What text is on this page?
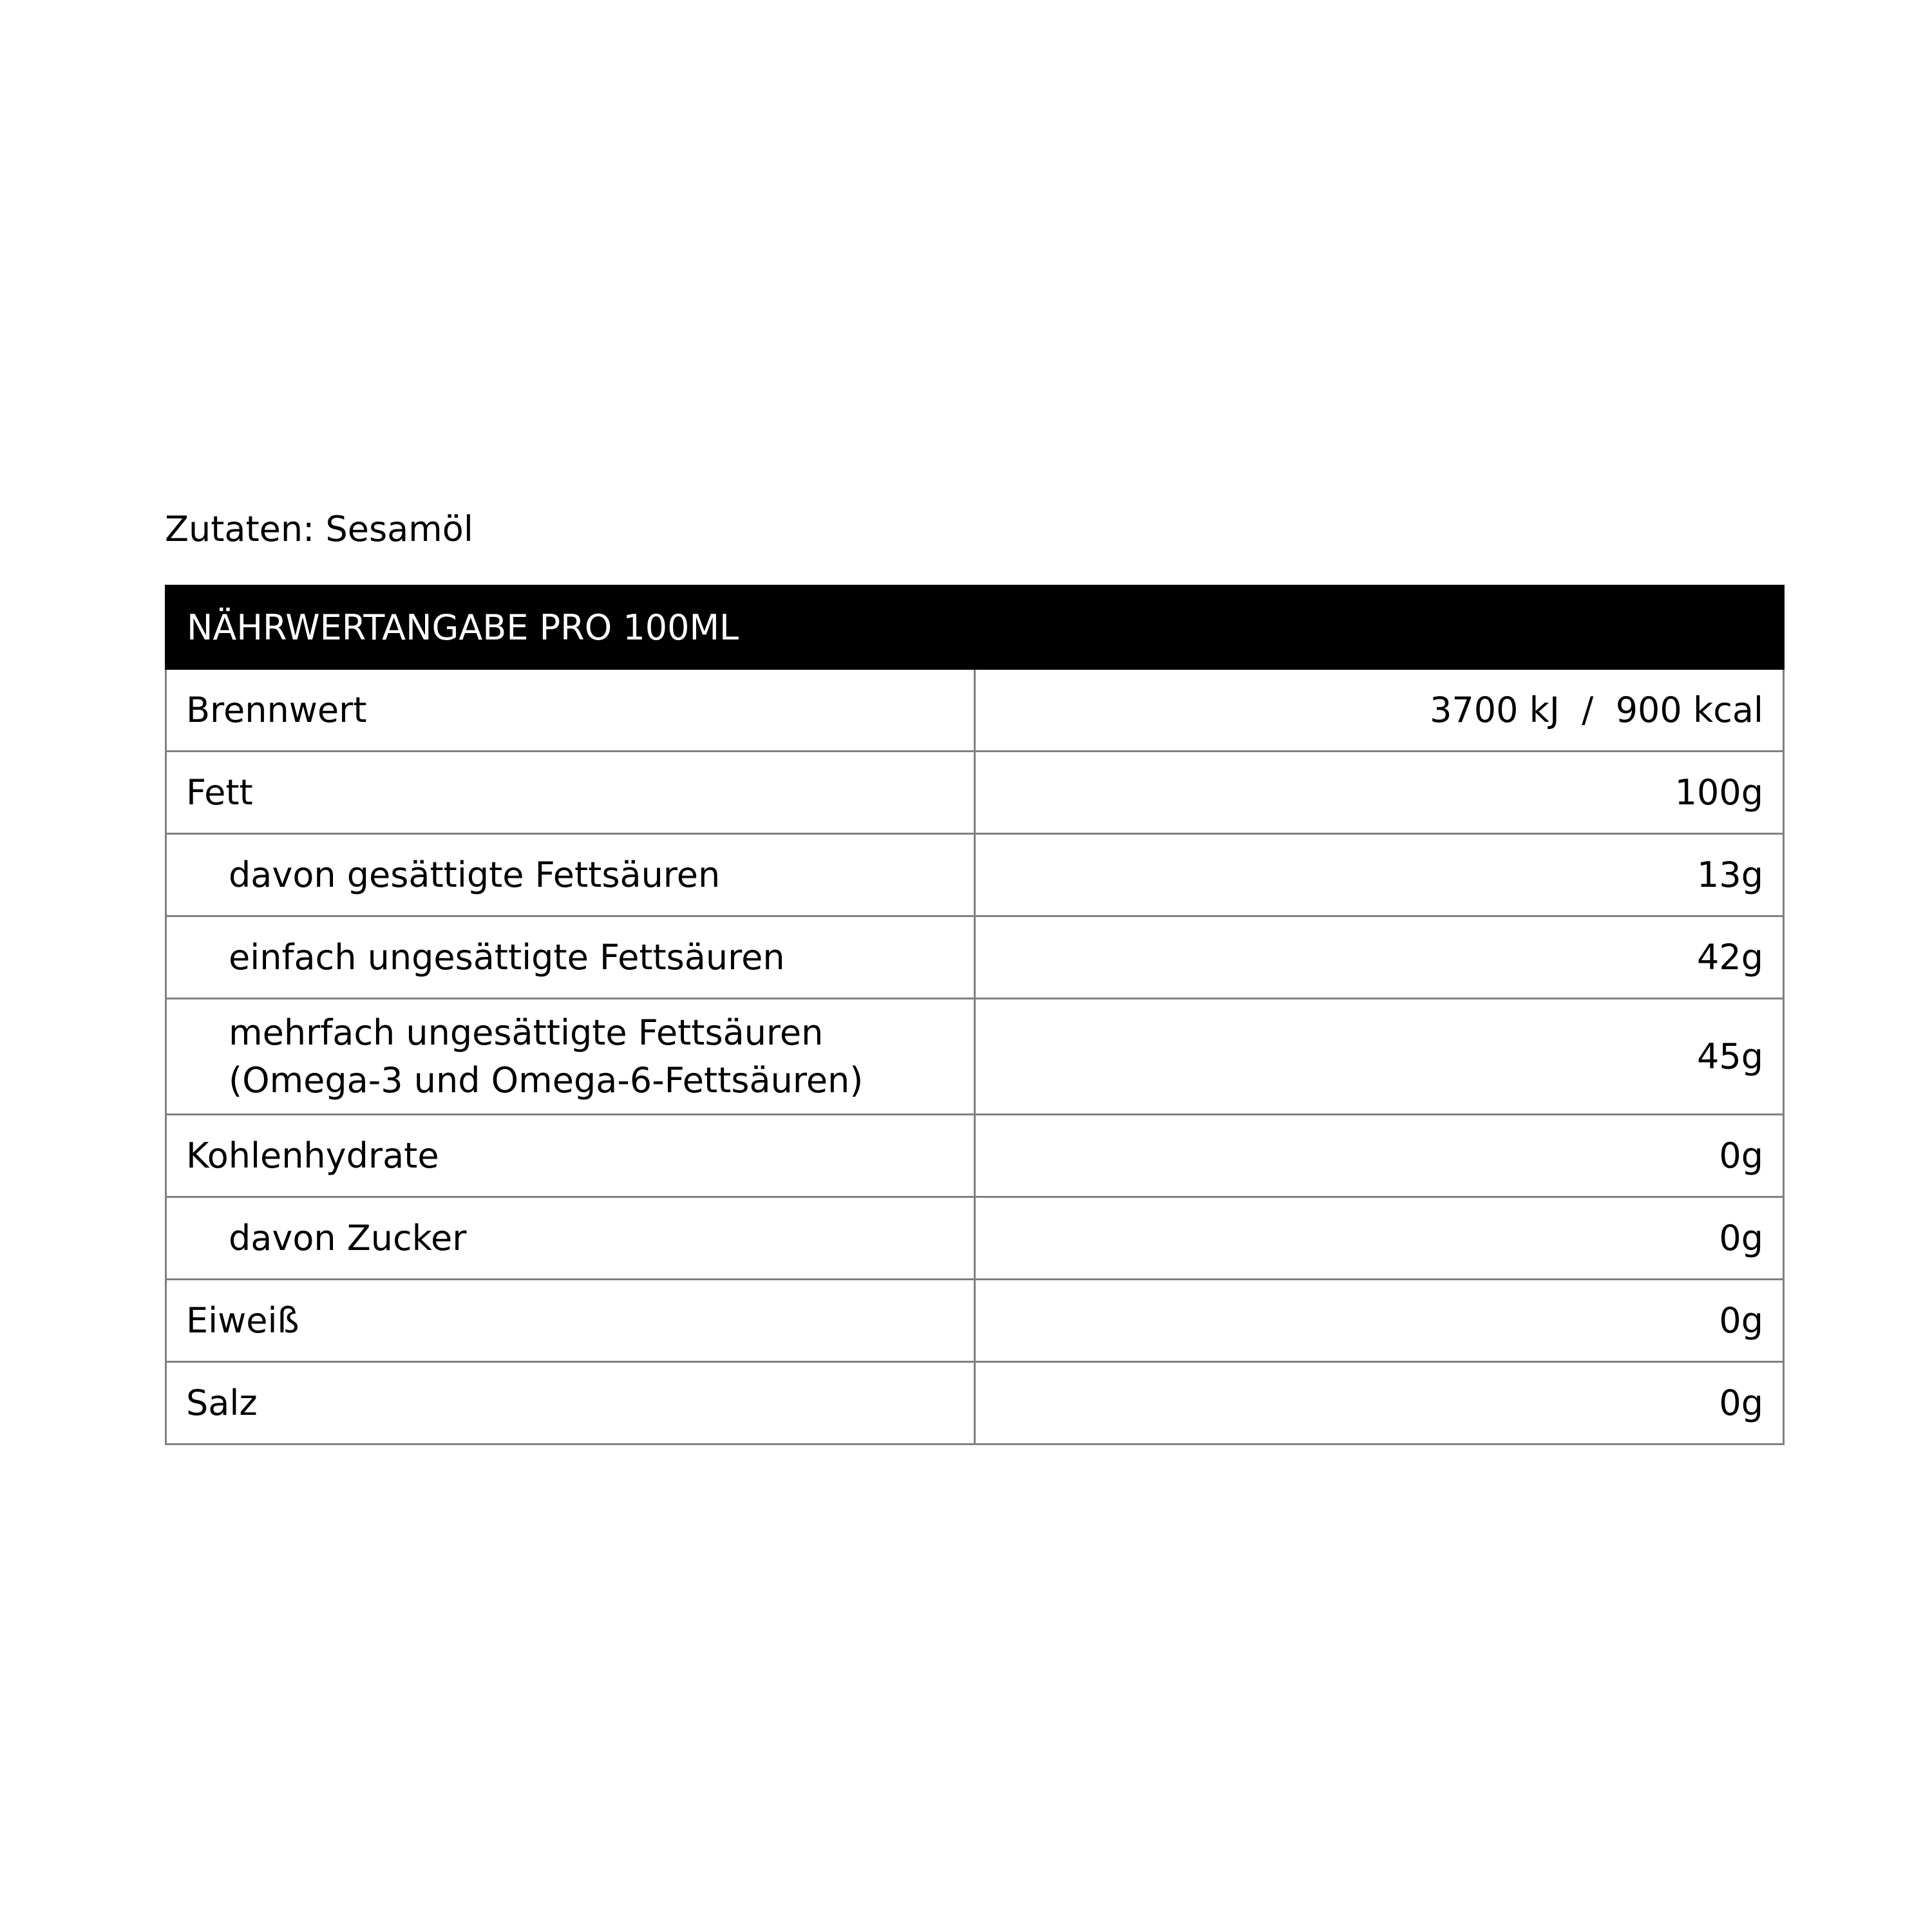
Zutaten: Sesamöl
NÄHRWERTANGABE PRO 100ML	
Brennwert	3700 kJ  /  900 kcal
Fett	100g
davon gesättigte Fettsäuren	13g
einfach ungesättigte Fettsäuren	42g

mehrfach ungesättigte Fettsäuren
(Omega-3 und Omega-6-Fettsäuren)	45g
Kohlenhydrate	0g
davon Zucker	0g
Eiweiß	0g
Salz	0g
